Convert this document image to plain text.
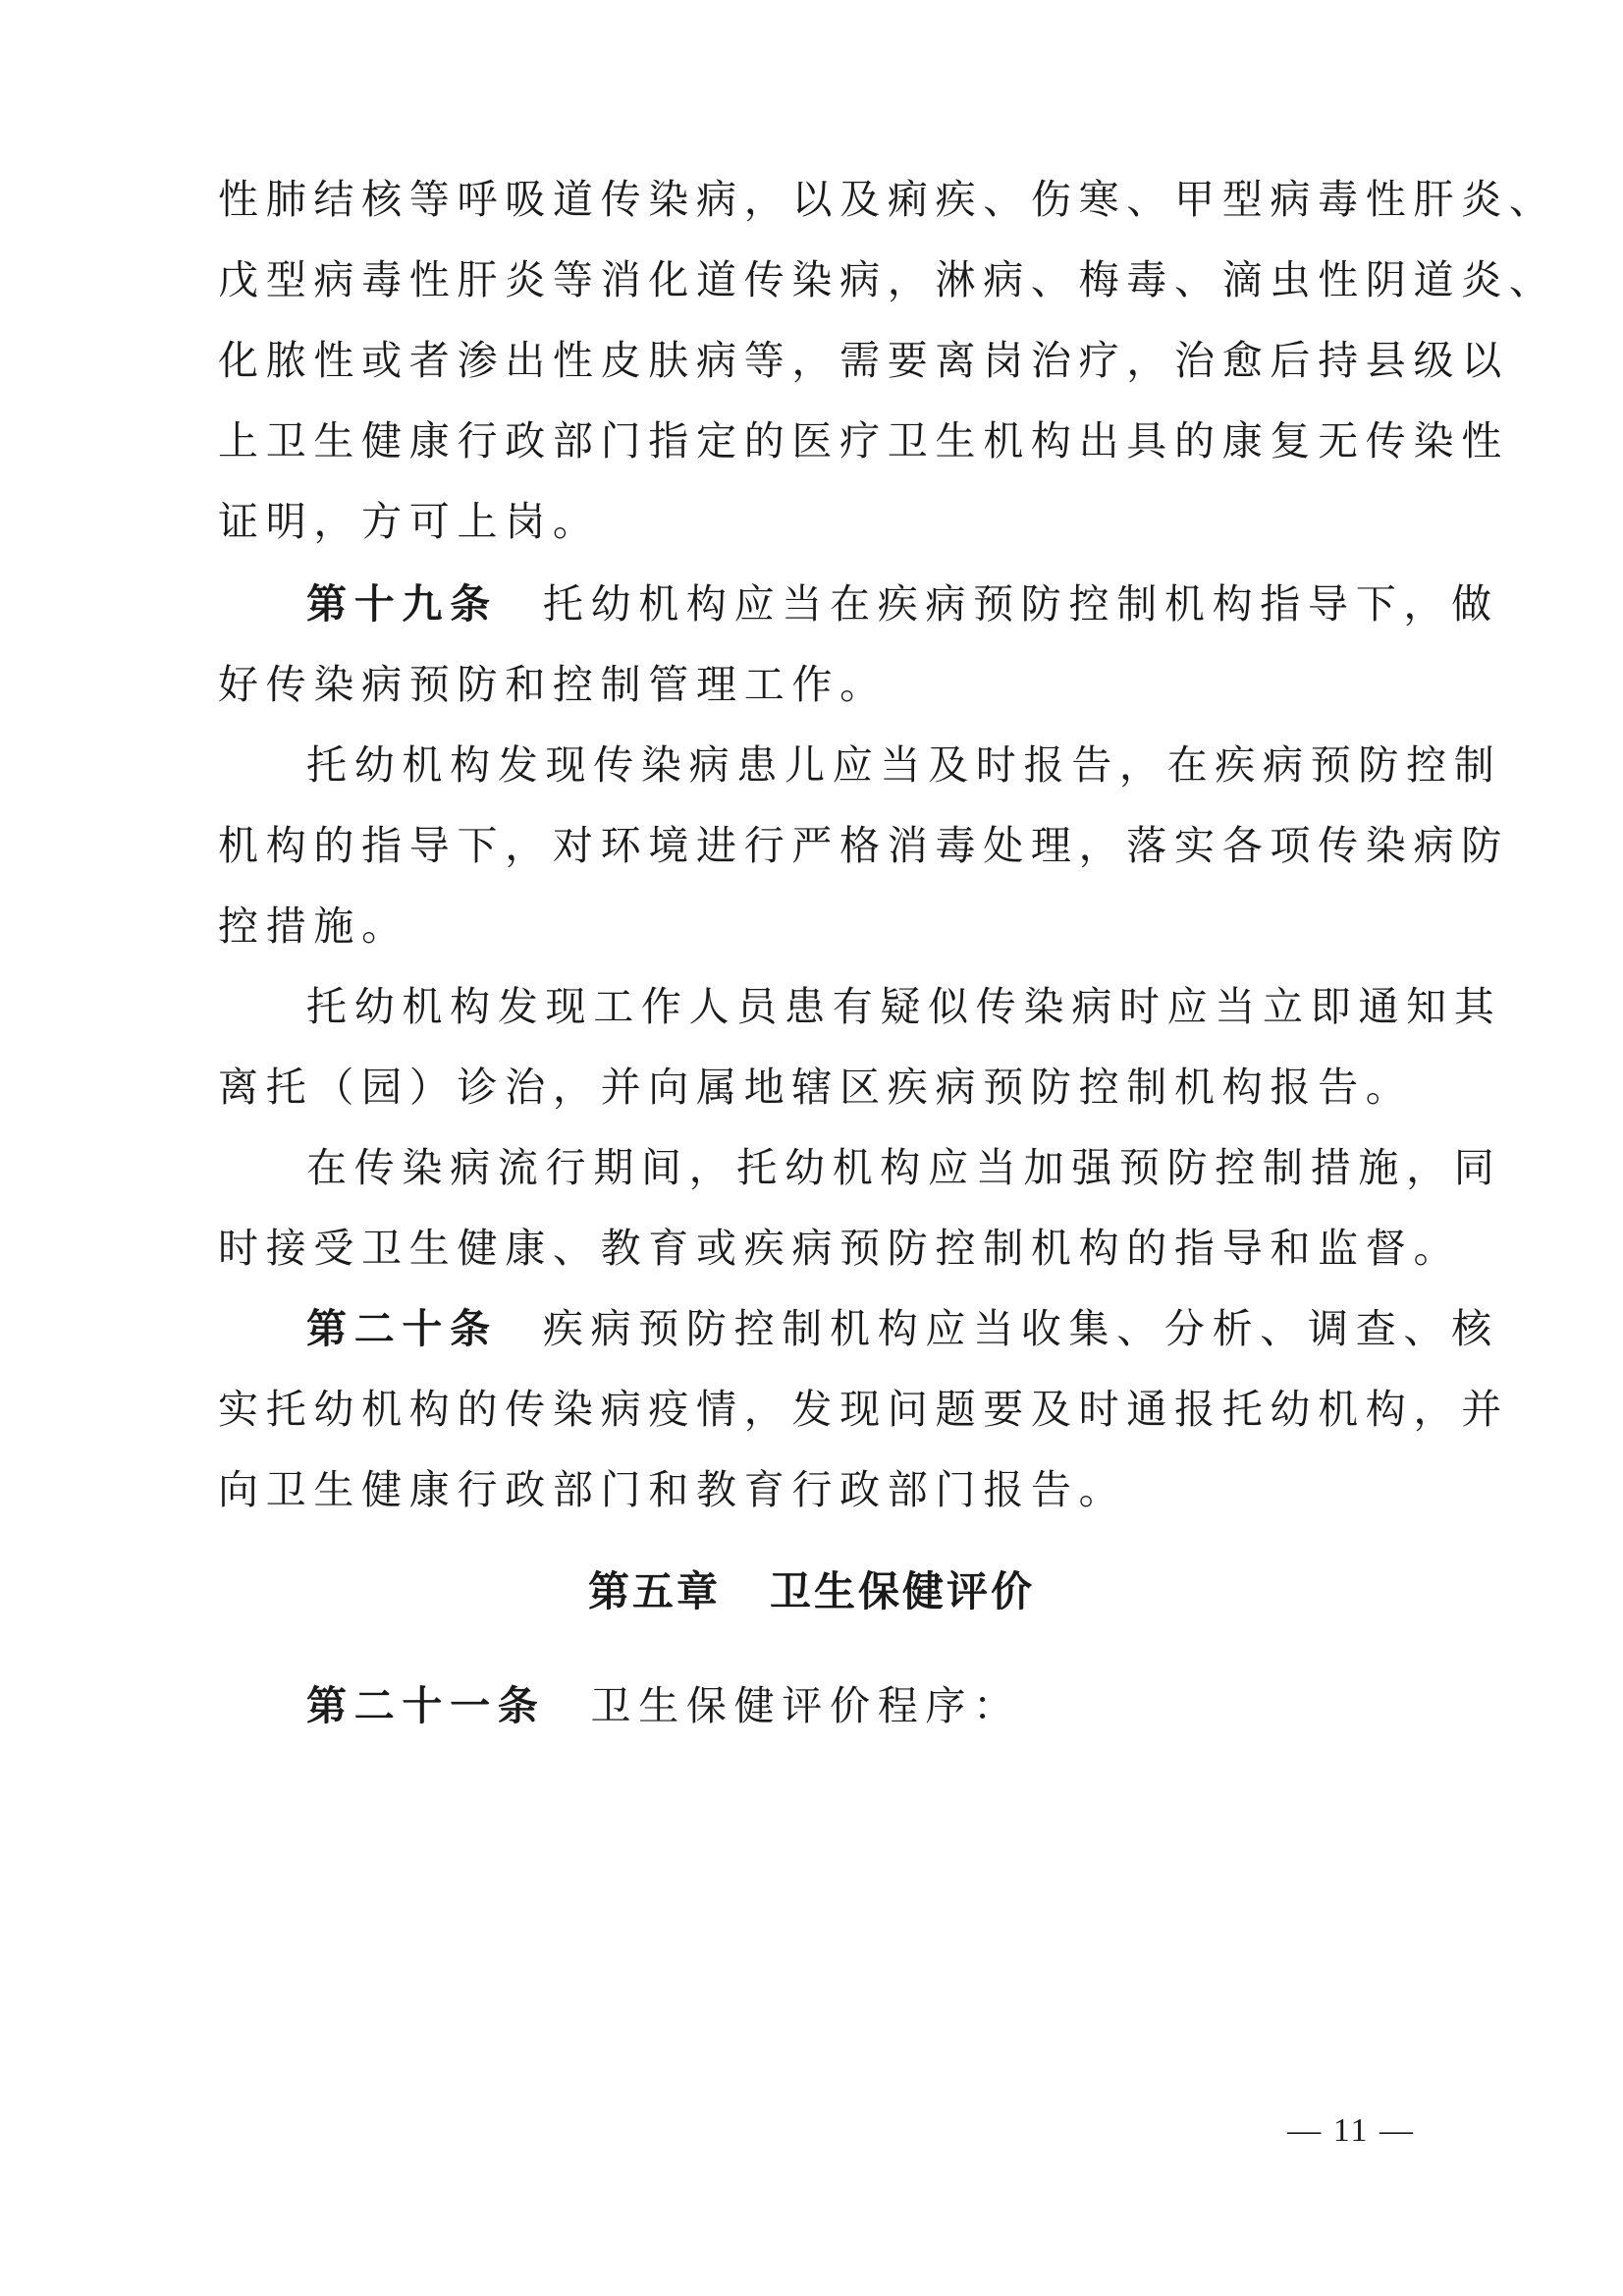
性肺结核等呼吸道传染病，以及痢疾、伤寒、甲型病毒性肝炎、
戊型病毒性肝炎等消化道传染病，淋病、梅毒、滴虫性阴道炎、
化脓性或者渗出性皮肤病等，需要离岗治疗，治愈后持县级以
上卫生健康行政部门指定的医疗卫生机构出具的康复无传染性
证明，方可上岗。
第十九条 托幼机构应当在疾病预防控制机构指导下，做
好传染病预防和控制管理工作。
托幼机构发现传染病患儿应当及时报告，在疾病预防控制
机构的指导下，对环境进行严格消毒处理，落实各项传染病防
控措施。
托幼机构发现工作人员患有疑似传染病时应当立即通知其
离托（园）诊治，并向属地辖区疾病预防控制机构报告。
在传染病流行期间，托幼机构应当加强预防控制措施，同
时接受卫生健康、教育或疾病预防控制机构的指导和监督。
第二十条 疾病预防控制机构应当收集、分析、调查、核
实托幼机构的传染病疫情，发现问题要及时通报托幼机构，并
向卫生健康行政部门和教育行政部门报告。
第五章 卫生保健评价
第二十一条 卫生保健评价程序：
— 11 —
